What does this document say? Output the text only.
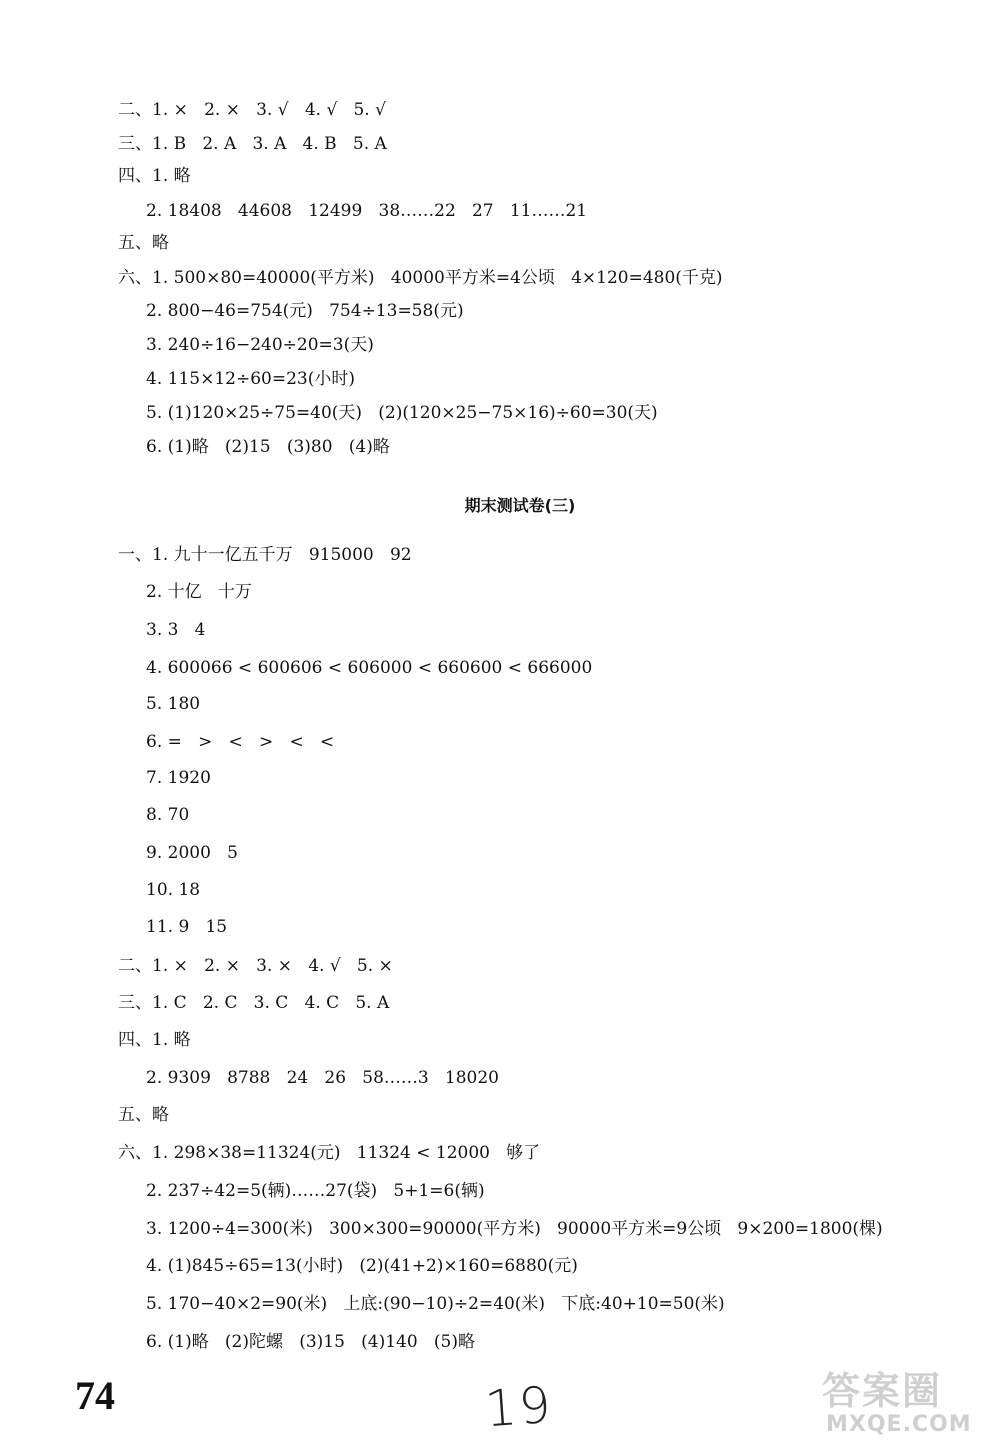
二、1. ×   2. ×   3. √   4. √   5. √
三、1. B   2. A   3. A   4. B   5. A
四、1. 略
2. 18408   44608   12499   38……22   27   11……21
五、略
六、1. 500×80=40000(平方米)   40000平方米=4公顷   4×120=480(千克)
2. 800−46=754(元)   754÷13=58(元)
3. 240÷16−240÷20=3(天)
4. 115×12÷60=23(小时)
5. (1)120×25÷75=40(天)   (2)(120×25−75×16)÷60=30(天)
6. (1)略   (2)15   (3)80   (4)略
期末测试卷(三)
一、1. 九十一亿五千万   915000   92
2. 十亿   十万
3. 3   4
4. 600066 < 600606 < 606000 < 660600 < 666000
5. 180
6. =   >   <   >   <   <
7. 1920
8. 70
9. 2000   5
10. 18
11. 9   15
二、1. ×   2. ×   3. ×   4. √   5. ×
三、1. C   2. C   3. C   4. C   5. A
四、1. 略
2. 9309   8788   24   26   58……3   18020
五、略
六、1. 298×38=11324(元)   11324 < 12000   够了
2. 237÷42=5(辆)……27(袋)   5+1=6(辆)
3. 1200÷4=300(米)   300×300=90000(平方米)   90000平方米=9公顷   9×200=1800(棵)
4. (1)845÷65=13(小时)   (2)(41+2)×160=6880(元)
5. 170−40×2=90(米)   上底:(90−10)÷2=40(米)   下底:40+10=50(米)
6. (1)略   (2)陀螺   (3)15   (4)140   (5)略
74	19	答案圈
MXQE.COM
